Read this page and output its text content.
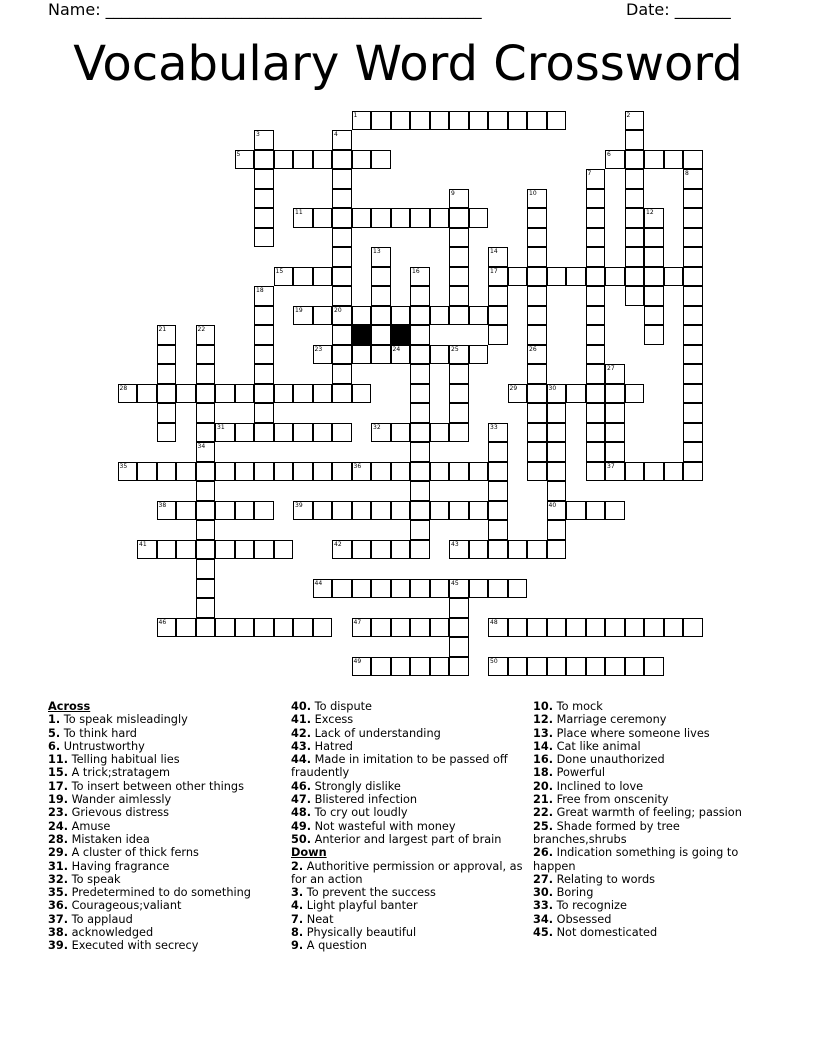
Name: _______________________________________________	Date: _______
Vocabulary Word Crossword
1	2
3	4
20
5	6
7	8
9	10
26
11	12
13	14
17
15	16
18
19
21	22
34
23	24	25
27
28	29	30
40
31	32	33
35	36	37
38	39
41	42	43
44	45
46	47	48
49	50
Across
1. To speak misleadingly
5. To think hard
6. Untrustworthy
11. Telling habitual lies
15. A trick;stratagem
17. To insert between other things
19. Wander aimlessly
23. Grievous distress
24. Amuse
28. Mistaken idea
29. A cluster of thick ferns
31. Having fragrance
32. To speak
35. Predetermined to do something
36. Courageous;valiant
37. To applaud
38. acknowledged
39. Executed with secrecy
40. To dispute
41. Excess
42. Lack of understanding
43. Hatred
44. Made in imitation to be passed off fraudently
46. Strongly dislike
47. Blistered infection
48. To cry out loudly
49. Not wasteful with money
50. Anterior and largest part of brain
Down
2. Authoritive permission or approval, as for an action
3. To prevent the success
4. Light playful banter
7. Neat
8. Physically beautiful
9. A question
10. To mock
12. Marriage ceremony
13. Place where someone lives
14. Cat like animal
16. Done unauthorized
18. Powerful
20. Inclined to love
21. Free from onscenity
22. Great warmth of feeling; passion
25. Shade formed by tree branches,shrubs
26. Indication something is going to happen
27. Relating to words
30. Boring
33. To recognize
34. Obsessed
45. Not domesticated
